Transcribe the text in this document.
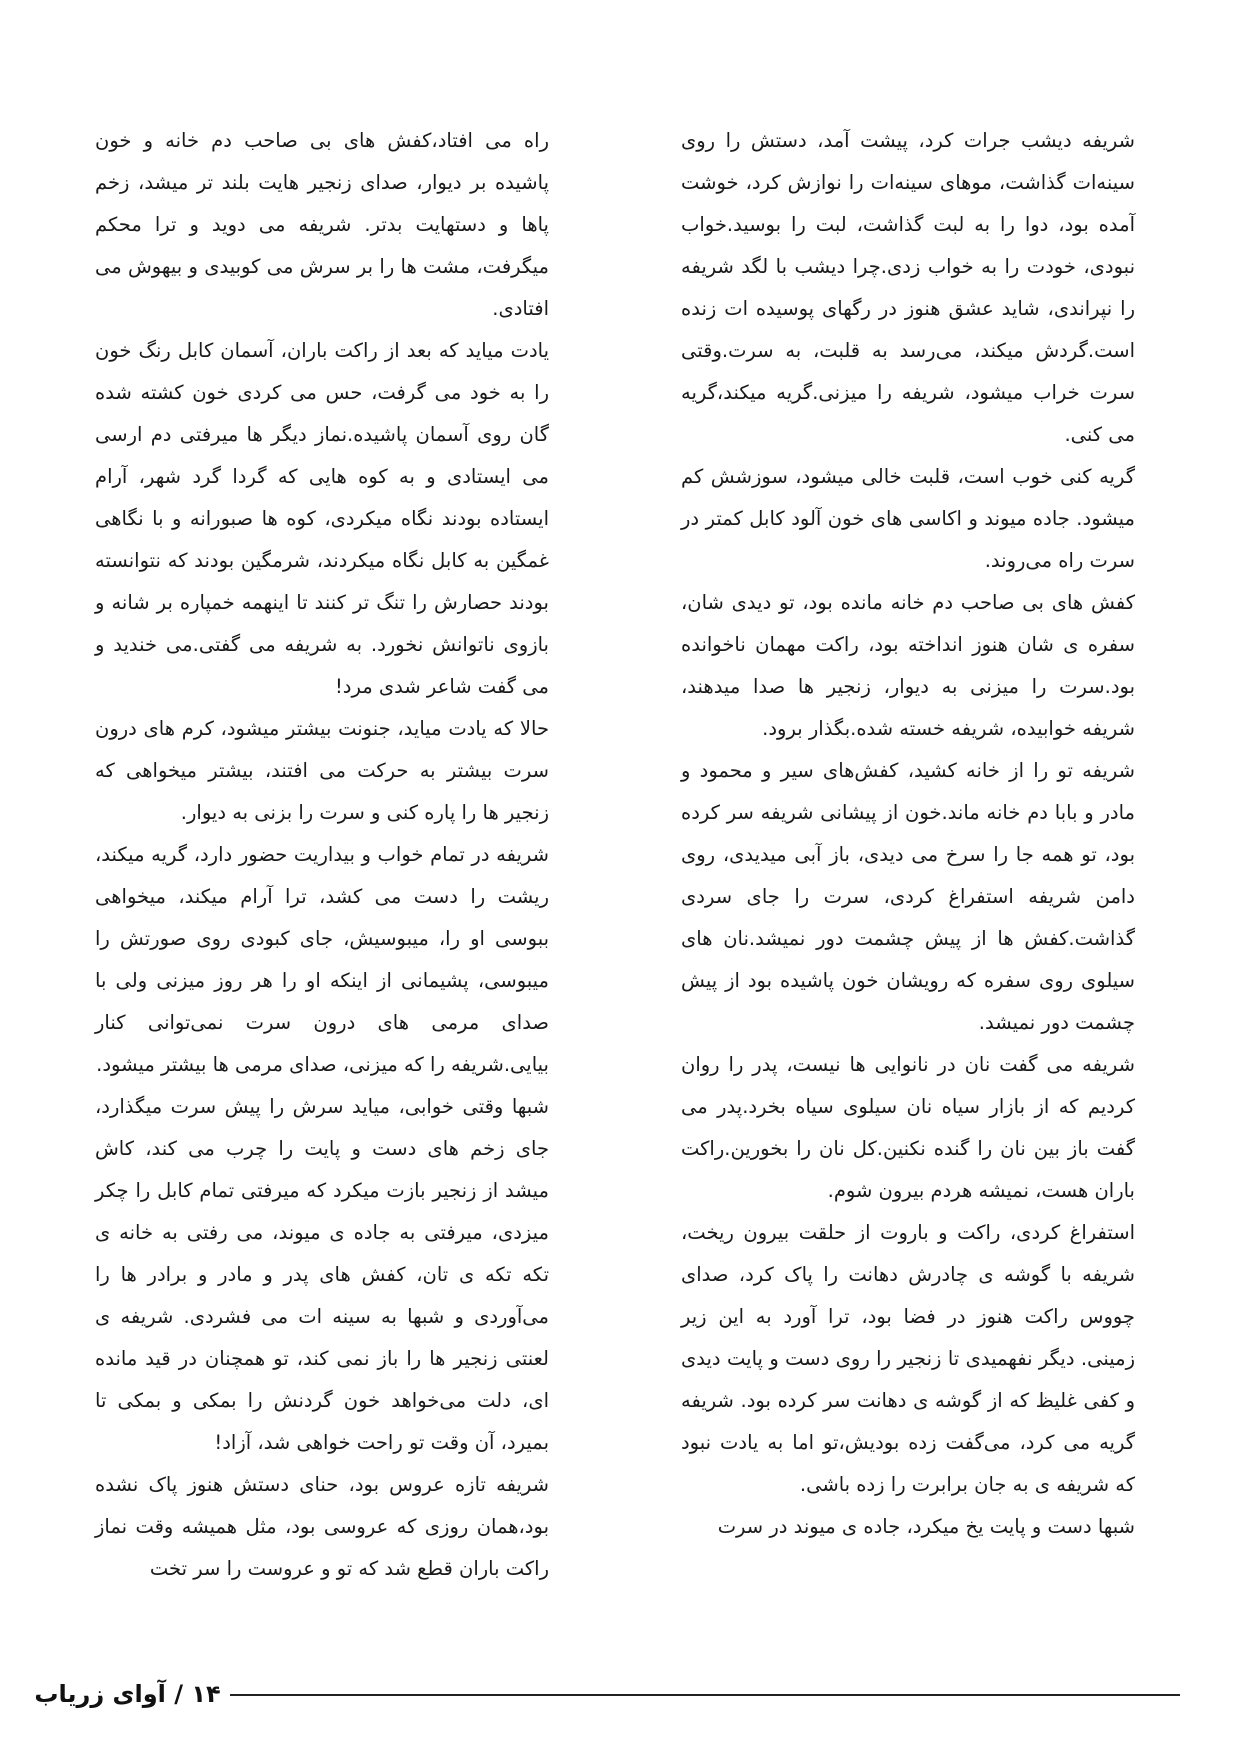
شریفه دیشب جرات کرد، پیشت آمد، دستش را روی سینه‌ات گذاشت، موهای سینه‌ات را نوازش کرد، خوشت آمده بود، دوا را به لبت گذاشت، لبت را بوسید.خواب نبودی، خودت را به خواب زدی.چرا دیشب با لگد شریفه را نپراندی، شاید عشق هنوز در رگهای پوسیده ات زنده است.گردش میکند، می‌رسد به قلبت، به سرت.وقتی سرت خراب میشود، شریفه را میزنی.گریه میکند،گریه می کنی.

گریه کنی خوب است، قلبت خالی میشود، سوزشش کم میشود. جاده میوند و اکاسی های خون آلود کابل کمتر در سرت راه می‌روند.

کفش های بی صاحب دم خانه مانده بود، تو دیدی شان، سفره ی شان هنوز انداخته بود، راکت مهمان ناخوانده بود.سرت را میزنی به دیوار، زنجیر ها صدا میدهند، شریفه خوابیده، شریفه خسته شده.بگذار برود.

شریفه تو را از خانه کشید، کفش‌های سیر و محمود و مادر و بابا دم خانه ماند.خون از پیشانی شریفه سر کرده بود، تو همه جا را سرخ می دیدی، باز آبی میدیدی، روی دامن شریفه استفراغ کردی، سرت را جای سردی گذاشت.کفش ها از پیش چشمت دور نمیشد.نان های سیلوی روی سفره که رویشان خون پاشیده بود از پیش چشمت دور نمیشد.

شریفه می گفت نان در نانوایی ها نیست، پدر را روان کردیم که از بازار سیاه نان سیلوی سیاه بخرد.پدر می گفت باز بین نان را گنده نکنین.کل نان را بخورین.راکت باران هست، نمیشه هردم بیرون شوم.

استفراغ کردی، راکت و باروت از حلقت بیرون ریخت، شریفه با گوشه ی چادرش دهانت را پاک کرد، صدای چووس راکت هنوز در فضا بود، ترا آورد به این زیر زمینی. دیگر نفهمیدی تا زنجیر را روی دست و پایت دیدی و کفی غلیظ که از گوشه ی دهانت سر کرده بود. شریفه گریه می کرد، می‌گفت زده بودیش،تو اما به یادت نبود که شریفه ی به جان برابرت را زده باشی.

شبها دست و پایت یخ میکرد، جاده ی میوند در سرت

راه می افتاد،کفش های بی صاحب دم خانه و خون پاشیده بر دیوار، صدای زنجیر هایت بلند تر میشد، زخم پاها و دستهایت بدتر. شریفه می دوید و ترا محکم میگرفت، مشت ها را بر سرش می کوبیدی و بیهوش می افتادی.

یادت میاید که بعد از راکت باران، آسمان کابل رنگ خون را به خود می گرفت، حس می کردی خون کشته شده گان روی آسمان پاشیده.نماز دیگر ها میرفتی دم ارسی می ایستادی و به کوه هایی که گردا گرد شهر، آرام ایستاده بودند نگاه میکردی، کوه ها صبورانه و با نگاهی غمگین به کابل نگاه میکردند، شرمگین بودند که نتوانسته بودند حصارش را تنگ تر کنند تا اینهمه خمپاره بر شانه و بازوی ناتوانش نخورد. به شریفه می گفتی.می خندید و می گفت شاعر شدی مرد!

حالا که یادت میاید، جنونت بیشتر میشود، کرم های درون سرت بیشتر به حرکت می افتند، بیشتر میخواهی که زنجیر ها را پاره کنی و سرت را بزنی به دیوار.

شریفه در تمام خواب و بیداریت حضور دارد، گریه میکند، ریشت را دست می کشد، ترا آرام میکند، میخواهی ببوسی او را، میبوسیش، جای کبودی روی صورتش را میبوسی، پشیمانی از اینکه او را هر روز میزنی ولی با صدای مرمی های درون سرت نمی‌توانی کنار بیایی.شریفه را که میزنی، صدای مرمی ها بیشتر میشود.

شبها وقتی خوابی، میاید سرش را پیش سرت میگذارد، جای زخم های دست و پایت را چرب می کند، کاش میشد از زنجیر بازت میکرد که میرفتی تمام کابل را چکر میزدی، میرفتی به جاده ی میوند، می رفتی به خانه ی تکه تکه ی تان، کفش های پدر و مادر و برادر ها را می‌آوردی و شبها به سینه ات می فشردی. شریفه ی لعنتی زنجیر ها را باز نمی کند، تو همچنان در قید مانده ای، دلت می‌خواهد خون گردنش را بمکی و بمکی تا بمیرد، آن وقت تو راحت خواهی شد، آزاد!

شریفه تازه عروس بود، حنای دستش هنوز پاک نشده بود،همان روزی که عروسی بود، مثل همیشه وقت نماز راکت باران قطع شد که تو و عروست را سر تخت

۱۴ / آوای زریاب
